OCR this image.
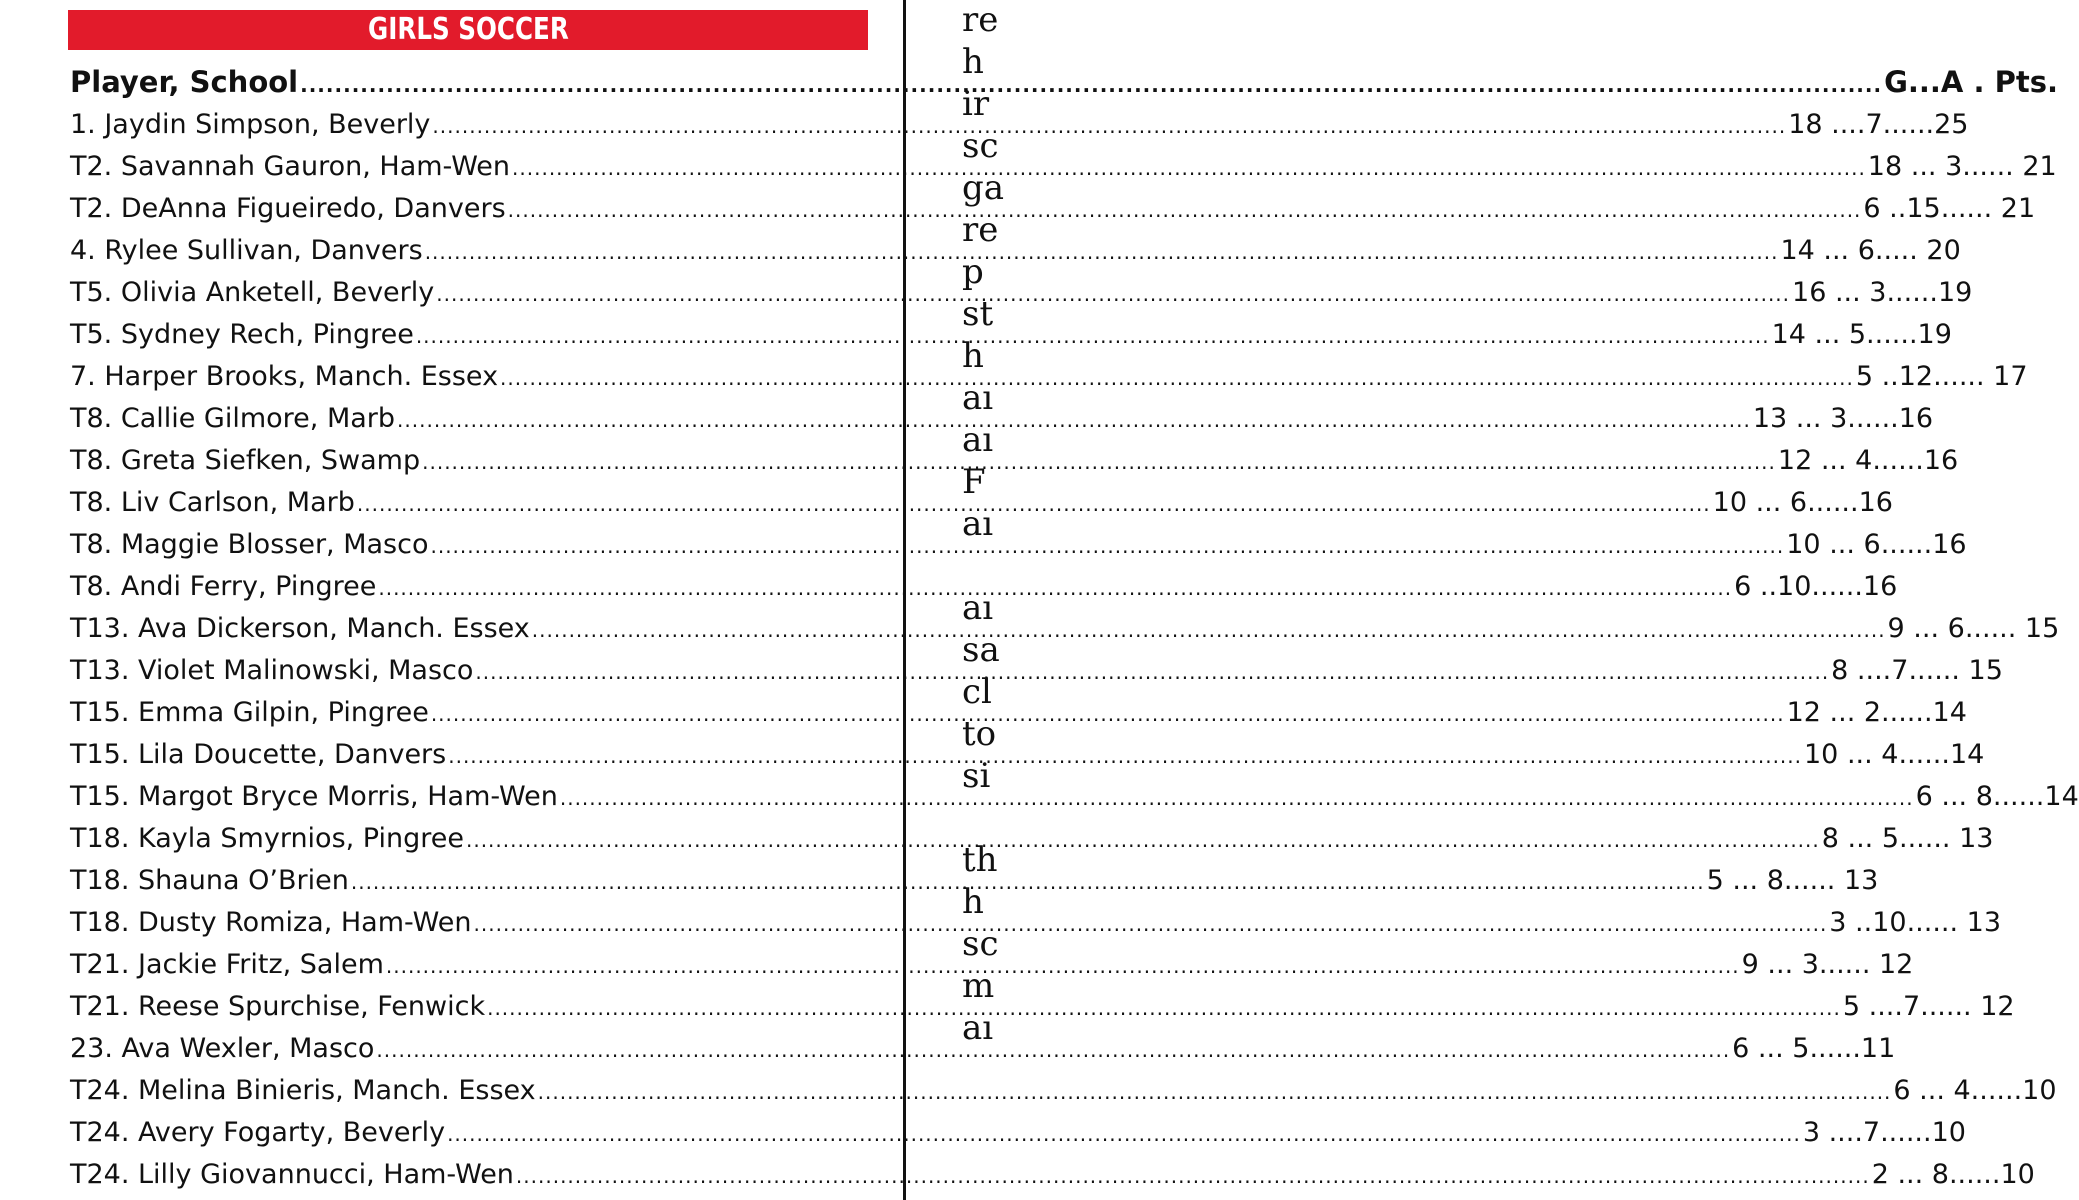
GIRLS SOCCER
Player, School .....	G...A . Pts.
1. Jaydin Simpson, Beverly .....	18 ....7......25
T2. Savannah Gauron, Ham-Wen .....	18 ... 3...... 21
T2. DeAnna Figueiredo, Danvers .....	6 ..15...... 21
4. Rylee Sullivan, Danvers .....	14 ... 6..... 20
T5. Olivia Anketell, Beverly .....	16 ... 3......19
T5. Sydney Rech, Pingree .....	14 ... 5......19
7. Harper Brooks, Manch. Essex .....	5 ..12...... 17
T8. Callie Gilmore, Marb .....	13 ... 3......16
T8. Greta Siefken, Swamp .....	12 ... 4......16
T8. Liv Carlson, Marb .....	10 ... 6......16
T8. Maggie Blosser, Masco .....	10 ... 6......16
T8. Andi Ferry, Pingree .....	6 ..10......16
T13. Ava Dickerson, Manch. Essex .....	9 ... 6...... 15
T13. Violet Malinowski, Masco .....	8 ....7...... 15
T15. Emma Gilpin, Pingree .....	12 ... 2......14
T15. Lila Doucette, Danvers .....	10 ... 4......14
T15. Margot Bryce Morris, Ham-Wen .....	6 ... 8......14
T18. Kayla Smyrnios, Pingree .....	8 ... 5...... 13
T18. Shauna O’Brien .....	5 ... 8...... 13
T18. Dusty Romiza, Ham-Wen .....	3 ..10...... 13
T21. Jackie Fritz, Salem .....	9 ... 3...... 12
T21. Reese Spurchise, Fenwick .....	5 ....7...... 12
23. Ava Wexler, Masco .....	6 ... 5......11
T24. Melina Binieris, Manch. Essex .....	6 ... 4......10
T24. Avery Fogarty, Beverly .....	3 ....7......10
T24. Lilly Giovannucci, Ham-Wen .....	2 ... 8......10
re
h
ir
sc
ga
re
p
st
h
aı
aı
F
aı
aı
sa
cl
to
si
th
h
sc
m
aı
